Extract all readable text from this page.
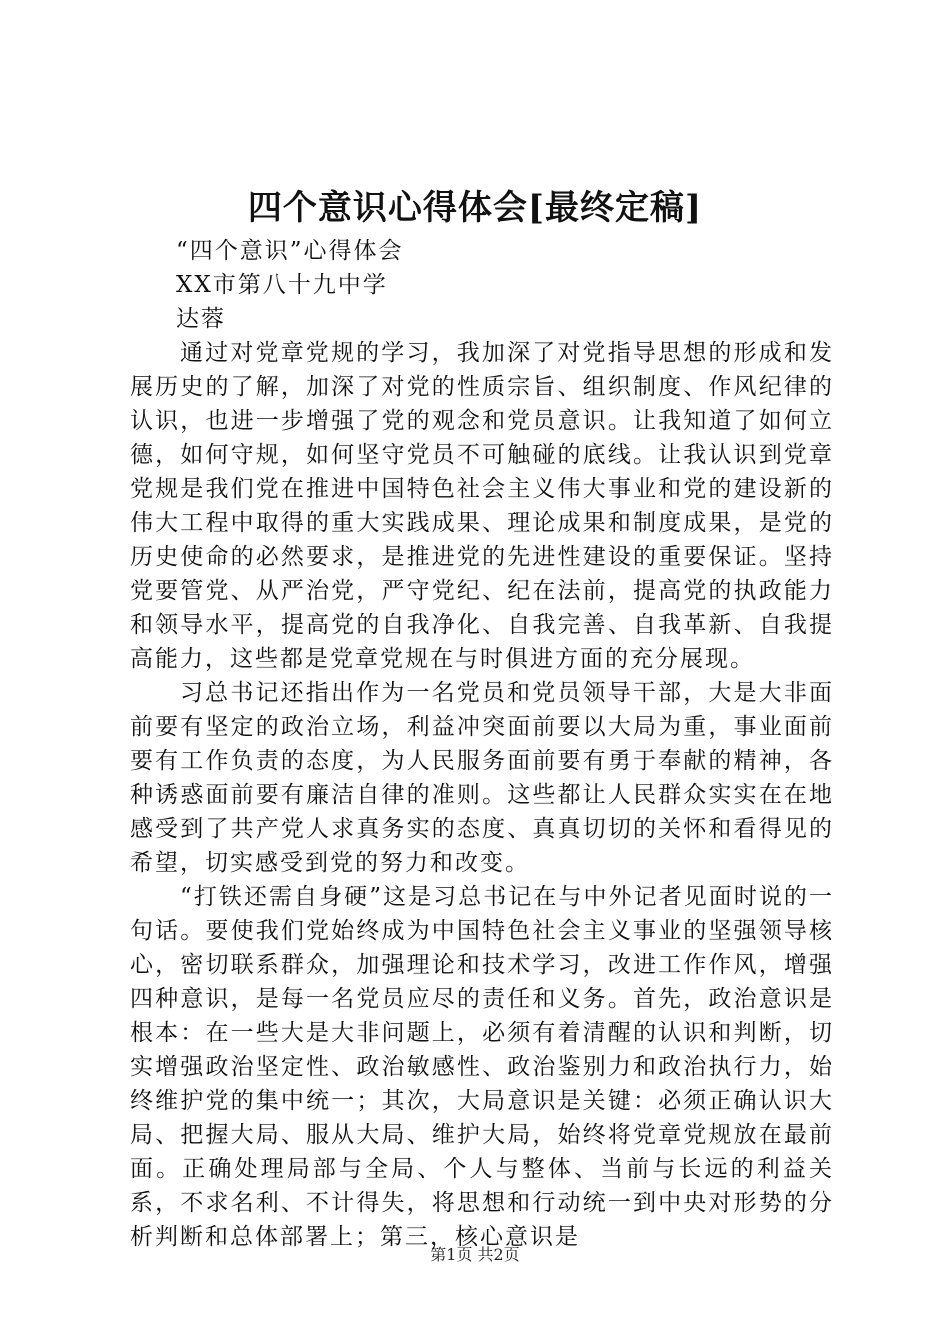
四个意识心得体会[最终定稿]

“四个意识”心得体会

XX市第八十九中学

达蓉

通过对党章党规的学习，我加深了对党指导思想的形成和发展历史的了解，加深了对党的性质宗旨、组织制度、作风纪律的认识，也进一步增强了党的观念和党员意识。让我知道了如何立德，如何守规，如何坚守党员不可触碰的底线。让我认识到党章党规是我们党在推进中国特色社会主义伟大事业和党的建设新的伟大工程中取得的重大实践成果、理论成果和制度成果，是党的历史使命的必然要求，是推进党的先进性建设的重要保证。坚持党要管党、从严治党，严守党纪、纪在法前，提高党的执政能力和领导水平，提高党的自我净化、自我完善、自我革新、自我提高能力，这些都是党章党规在与时俱进方面的充分展现。

习总书记还指出作为一名党员和党员领导干部，大是大非面前要有坚定的政治立场，利益冲突面前要以大局为重，事业面前要有工作负责的态度，为人民服务面前要有勇于奉献的精神，各种诱惑面前要有廉洁自律的准则。这些都让人民群众实实在在地感受到了共产党人求真务实的态度、真真切切的关怀和看得见的希望，切实感受到党的努力和改变。

“打铁还需自身硬”这是习总书记在与中外记者见面时说的一句话。要使我们党始终成为中国特色社会主义事业的坚强领导核心，密切联系群众，加强理论和技术学习，改进工作作风，增强四种意识，是每一名党员应尽的责任和义务。首先，政治意识是根本：在一些大是大非问题上，必须有着清醒的认识和判断，切实增强政治坚定性、政治敏感性、政治鉴别力和政治执行力，始终维护党的集中统一；其次，大局意识是关键：必须正确认识大局、把握大局、服从大局、维护大局，始终将党章党规放在最前面。正确处理局部与全局、个人与整体、当前与长远的利益关系，不求名利、不计得失，将思想和行动统一到中央对形势的分析判断和总体部署上；第三，核心意识是

第1页 共2页
